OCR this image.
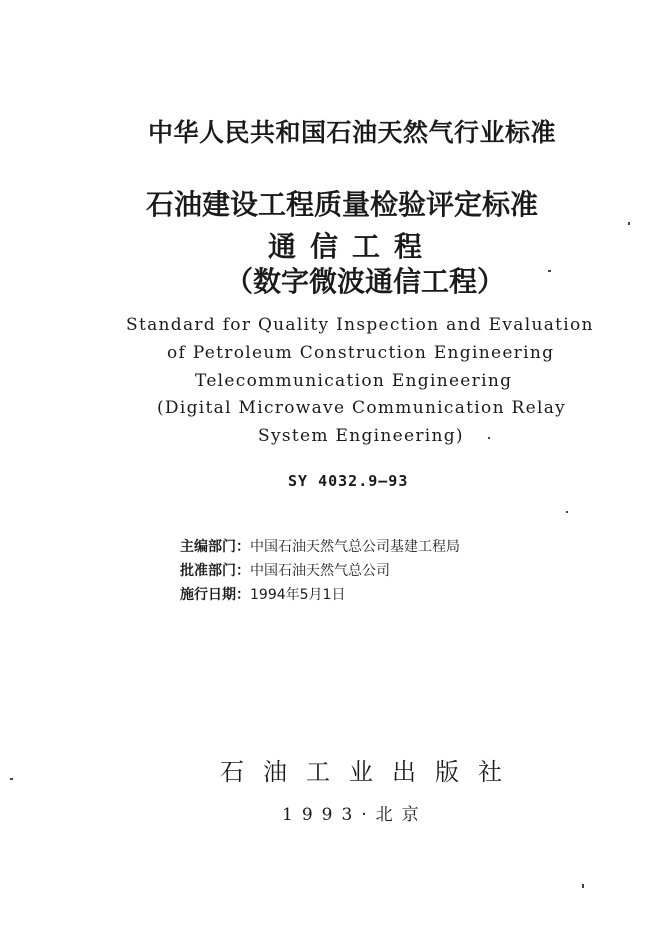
中华人民共和国石油天然气行业标准
石油建设工程质量检验评定标准
通信工程
（数字微波通信工程）
Standard for Quality Inspection and Evaluation
of Petroleum Construction Engineering
Telecommunication Engineering
(Digital Microwave Communication Relay
System Engineering)
SY 4032.9—93
主编部门：中国石油天然气总公司基建工程局
批准部门：中国石油天然气总公司
施行日期：1994年5月1日
石油工业出版社
1993·北京
